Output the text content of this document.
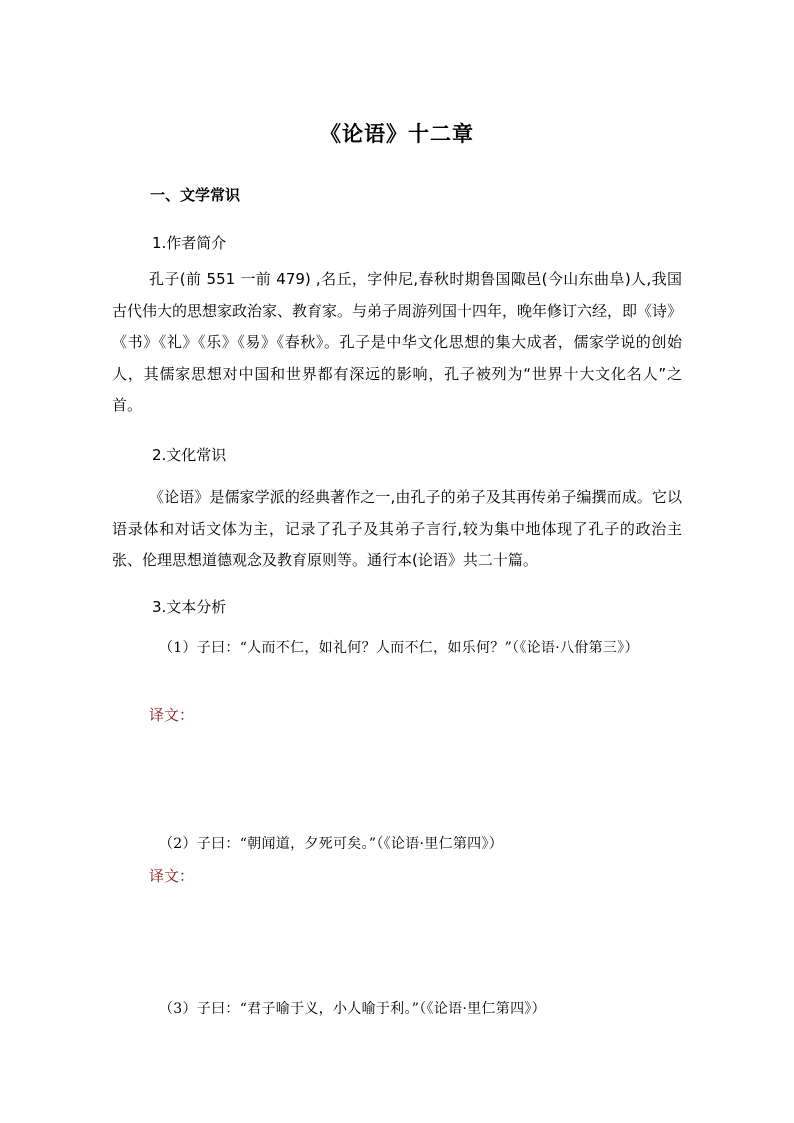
《论语》十二章
一、文学常识
1.作者简介

孔子(前 551 一前 479) ,名丘，字仲尼,春秋时期鲁国陬邑(今山东曲阜)人,我国古代伟大的思想家政治家、教育家。与弟子周游列国十四年，晚年修订六经，即《诗》《书》《礼》《乐》《易》《春秋》。孔子是中华文化思想的集大成者，儒家学说的创始人，其儒家思想对中国和世界都有深远的影响，孔子被列为“世界十大文化名人”之首。

2.文化常识

《论语》是儒家学派的经典著作之一,由孔子的弟子及其再传弟子编撰而成。它以语录体和对话文体为主，记录了孔子及其弟子言行,较为集中地体现了孔子的政治主张、伦理思想道德观念及教育原则等。通行本(论语》共二十篇。

3.文本分析

（1）子曰：“人而不仁，如礼何？人而不仁，如乐何？”（《论语·八佾第三》）

译文：

（2）子曰：“朝闻道，夕死可矣。”（《论语·里仁第四》）

译文：

（3）子曰：“君子喻于义，小人喻于利。”（《论语·里仁第四》）
